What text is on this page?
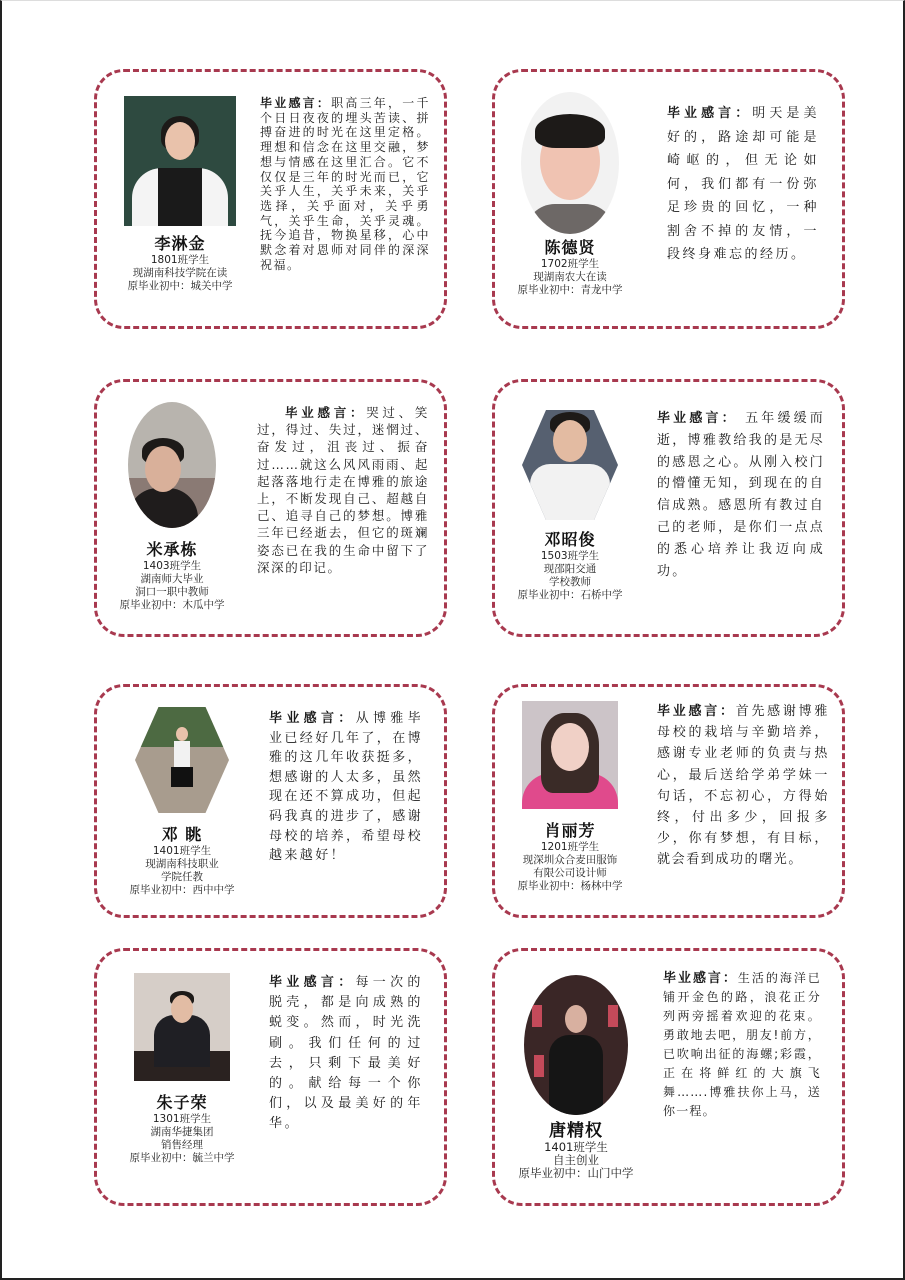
李淋金
1801班学生
现湖南科技学院在读
原毕业初中：城关中学
毕业感言：职高三年，一千个日日夜夜的埋头苦读、拼搏奋进的时光在这里定格。理想和信念在这里交融，梦想与情感在这里汇合。它不仅仅是三年的时光而已，它关乎人生，关乎未来，关乎选择，关乎面对，关乎勇气，关乎生命，关乎灵魂。抚今追昔，物换星移，心中默念着对恩师对同伴的深深祝福。
陈德贤
1702班学生
现湖南农大在读
原毕业初中：青龙中学
毕业感言：明天是美好的，路途却可能是崎岖的，但无论如何，我们都有一份弥足珍贵的回忆，一种割舍不掉的友情，一段终身难忘的经历。
米承栋
1403班学生
湖南师大毕业
洞口一职中教师
原毕业初中：木瓜中学
毕业感言：哭过、笑过，得过、失过，迷惘过、奋发过，沮丧过、振奋过……就这么风风雨雨、起起落落地行走在博雅的旅途上，不断发现自己、超越自己、追寻自己的梦想。博雅三年已经逝去，但它的斑斓姿态已在我的生命中留下了深深的印记。
邓昭俊
1503班学生
现邵阳交通
学校教师
原毕业初中：石桥中学
毕业感言： 五年缓缓而逝，博雅教给我的是无尽的感恩之心。从刚入校门的懵懂无知，到现在的自信成熟。感恩所有教过自己的老师，是你们一点点的悉心培养让我迈向成功。
邓 眺
1401班学生
现湖南科技职业
学院任教
原毕业初中：西中中学
毕业感言：从博雅毕业已经好几年了，在博雅的这几年收获挺多，想感谢的人太多，虽然现在还不算成功，但起码我真的进步了，感谢母校的培养，希望母校越来越好！
肖丽芳
1201班学生
现深圳众合麦田服饰
有限公司设计师
原毕业初中：杨林中学
毕业感言：首先感谢博雅母校的栽培与辛勤培养，感谢专业老师的负责与热心，最后送给学弟学妹一句话，不忘初心，方得始终，付出多少，回报多少，你有梦想，有目标，就会看到成功的曙光。
朱子荣
1301班学生
湖南华捷集团
销售经理
原毕业初中：毓兰中学
毕业感言：每一次的脱壳，都是向成熟的蜕变。然而，时光洗刷。我们任何的过去，只剩下最美好的。献给每一个你们，以及最美好的年华。	唐精权
1401班学生
自主创业
原毕业初中：山门中学
毕业感言：生活的海洋已铺开金色的路，浪花正分列两旁摇着欢迎的花束。勇敢地去吧，朋友!前方，已吹响出征的海螺;彩霞，正在将鲜红的大旗飞舞…….博雅扶你上马，送你一程。
